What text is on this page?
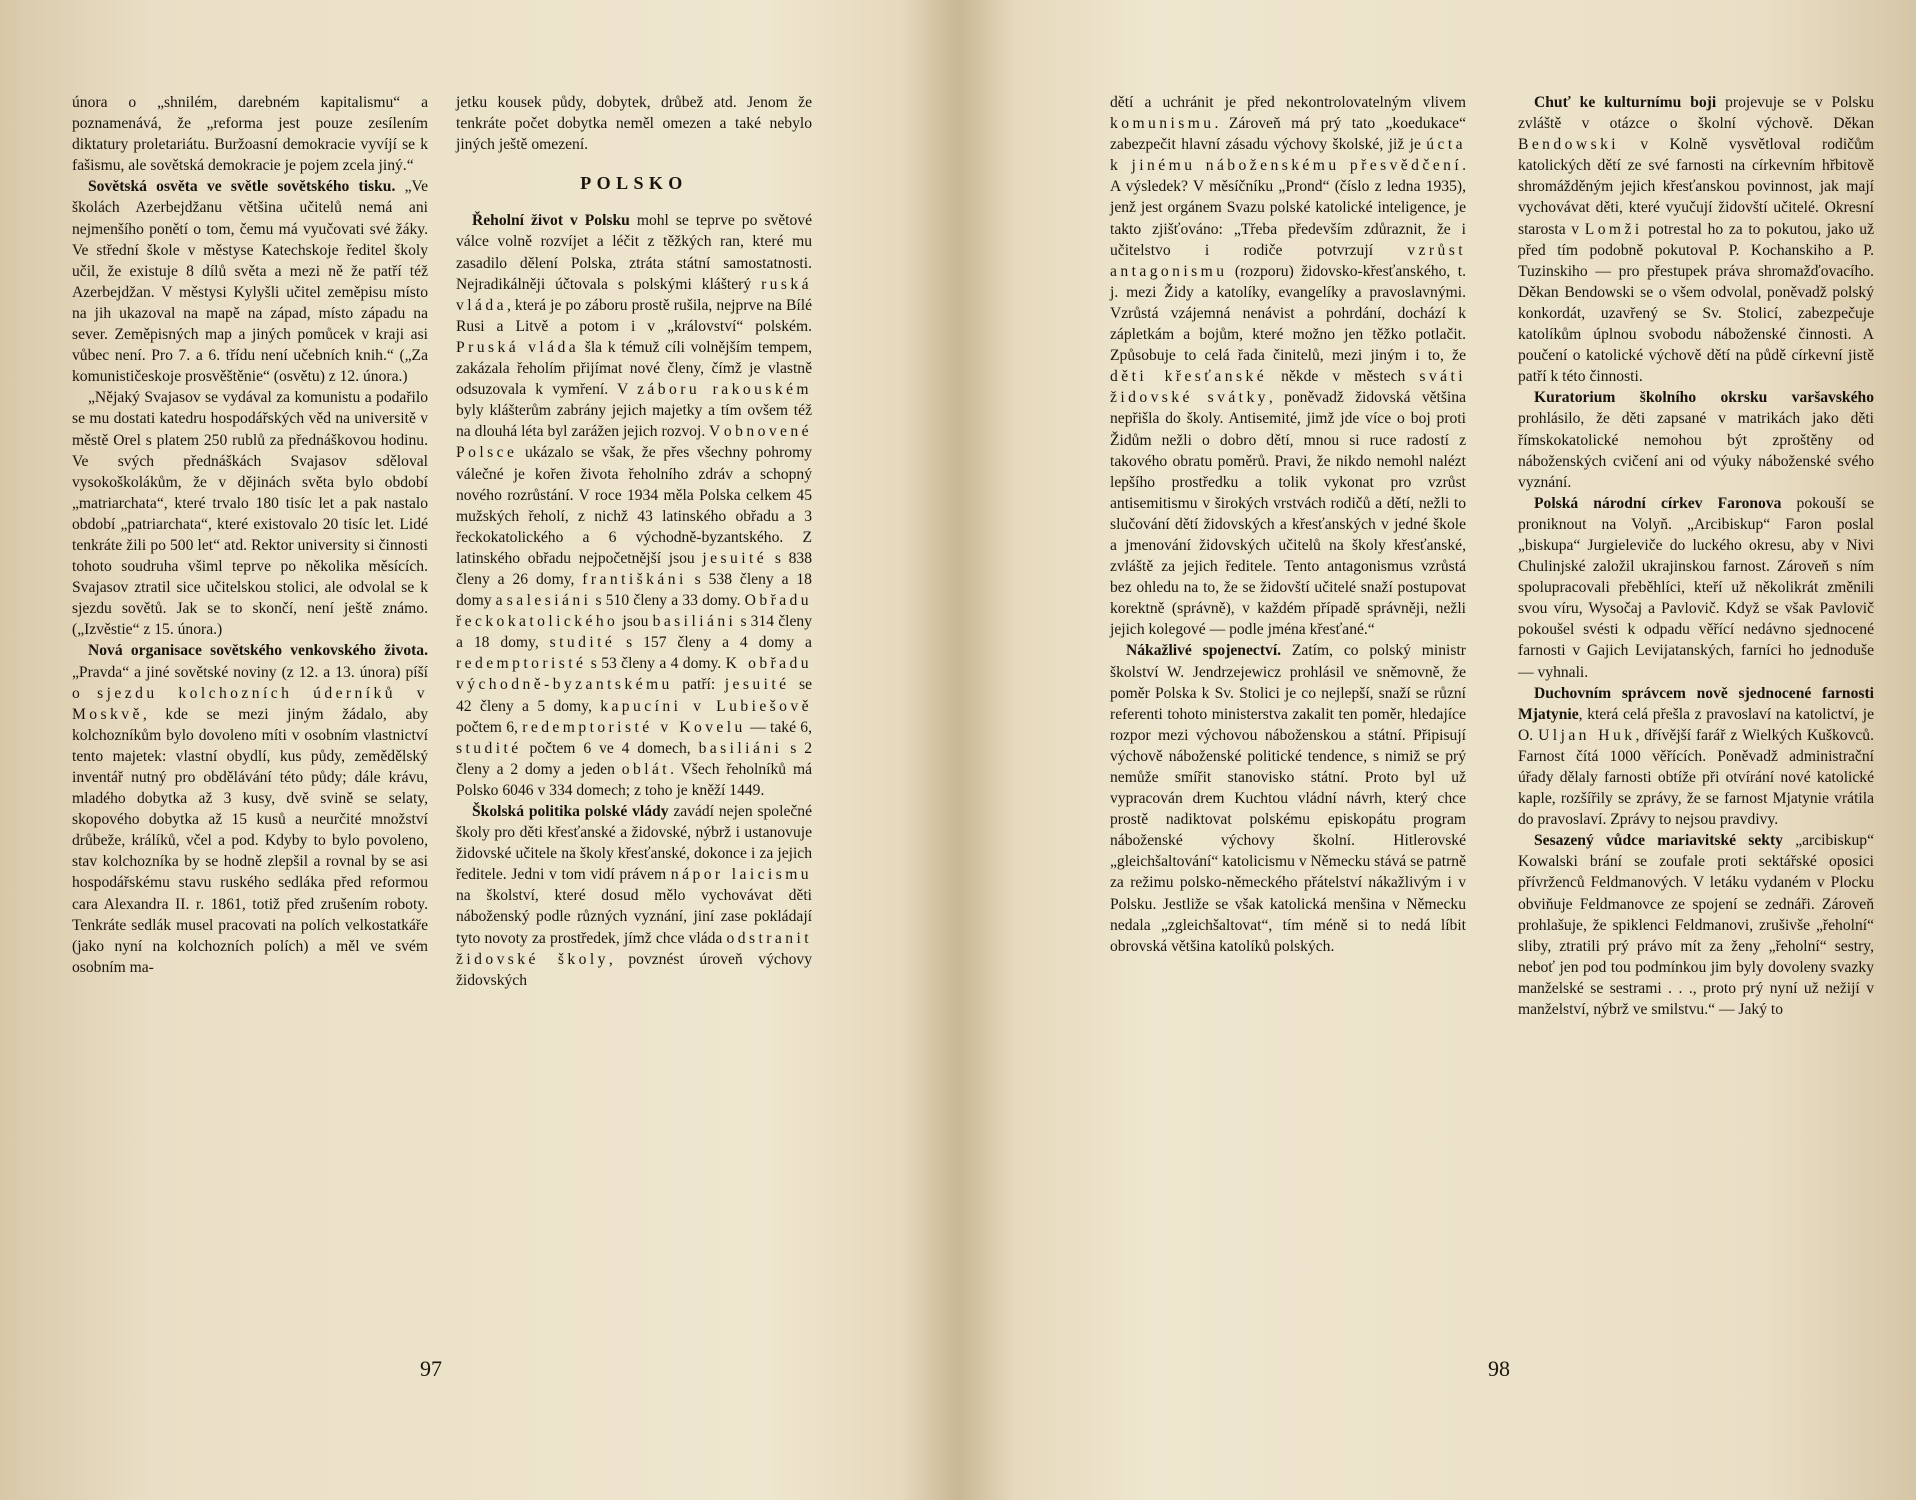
února o „shnilém, darebném kapitalismu“ a poznamenává, že „reforma jest pouze zesílením diktatury proletariátu. Buržoasní demokracie vyvíjí se k fašismu, ale sovětská demokracie je pojem zcela jiný.“

Sovětská osvěta ve světle sovětského tisku. „Ve školách Azerbejdžanu většina učitelů nemá ani nejmenšího ponětí o tom, čemu má vyučovati své žáky. Ve střední škole v městyse Katechskoje ředitel školy učil, že existuje 8 dílů světa a mezi ně že patří též Azerbejdžan. V městysi Kylyšli učitel zeměpisu místo na jih ukazoval na mapě na západ, místo západu na sever. Zeměpisných map a jiných pomůcek v kraji asi vůbec není. Pro 7. a 6. třídu není učebních knih.“ („Za komunističeskoje prosvěštěnie“ (osvětu) z 12. února.)

„Nějaký Svajasov se vydával za komunistu a podařilo se mu dostati katedru hospodářských věd na universitě v městě Orel s platem 250 rublů za přednáškovou hodinu. Ve svých přednáškách Svajasov sděloval vysokoškolákům, že v dějinách světa bylo období „matriarchata“, které trvalo 180 tisíc let a pak nastalo období „patriarchata“, které existovalo 20 tisíc let. Lidé tenkráte žili po 500 let“ atd. Rektor university si činnosti tohoto soudruha všiml teprve po několika měsících. Svajasov ztratil sice učitelskou stolici, ale odvolal se k sjezdu sovětů. Jak se to skončí, není ještě známo. („Izvěstie“ z 15. února.)

Nová organisace sovětského venkovského života. „Pravda“ a jiné sovětské noviny (z 12. a 13. února) píší o sjezdu kolchozních úderníků v Moskvě, kde se mezi jiným žádalo, aby kolchozníkům bylo dovoleno míti v osobním vlastnictví tento majetek: vlastní obydlí, kus půdy, zemědělský inventář nutný pro obdělávání této půdy; dále krávu, mladého dobytka až 3 kusy, dvě svině se selaty, skopového dobytka až 15 kusů a neurčité množství drůbeže, králíků, včel a pod. Kdyby to bylo povoleno, stav kolchozníka by se hodně zlepšil a rovnal by se asi hospodářskému stavu ruského sedláka před reformou cara Alexandra II. r. 1861, totiž před zrušením roboty. Tenkráte sedlák musel pracovati na polích velkostatkáře (jako nyní na kolchozních polích) a měl ve svém osobním ma-

jetku kousek půdy, dobytek, drůbež atd. Jenom že tenkráte počet dobytka neměl omezen a také nebylo jiných ještě omezení.

POLSKO

Řeholní život v Polsku mohl se teprve po světové válce volně rozvíjet a léčit z těžkých ran, které mu zasadilo dělení Polska, ztráta státní samostatnosti. Nejradikálněji účtovala s polskými klášterý ruská vláda, která je po záboru prostě rušila, nejprve na Bílé Rusi a Litvě a potom i v „království“ polském. Pruská vláda šla k témuž cíli volnějším tempem, zakázala řeholím přijímat nové členy, čímž je vlastně odsuzovala k vymření. V záboru rakouském byly klášterům zabrány jejich majetky a tím ovšem též na dlouhá léta byl zarážen jejich rozvoj. V obnovené Polsce ukázalo se však, že přes všechny pohromy válečné je kořen života řeholního zdráv a schopný nového rozrůstání. V roce 1934 měla Polska celkem 45 mužských řeholí, z nichž 43 latinského obřadu a 3 řeckokatolického a 6 východně-byzantského. Z latinského obřadu nejpočetnější jsou jesuité s 838 členy a 26 domy, františkáni s 538 členy a 18 domy a salesiáni s 510 členy a 33 domy. Obřadu řeckokatolického jsou basiliáni s 314 členy a 18 domy, studité s 157 členy a 4 domy a redemptoristé s 53 členy a 4 domy. K obřadu východně-byzantskému patří: jesuité se 42 členy a 5 domy, kapucíni v Lubiešově počtem 6, redemptoristé v Kovelu — také 6, studité počtem 6 ve 4 domech, basiliáni s 2 členy a 2 domy a jeden oblát. Všech řeholníků má Polsko 6046 v 334 domech; z toho je kněží 1449.

Školská politika polské vlády zavádí nejen společné školy pro děti křesťanské a židovské, nýbrž i ustanovuje židovské učitele na školy křesťanské, dokonce i za jejich ředitele. Jedni v tom vidí právem nápor laicismu na školství, které dosud mělo vychovávat děti náboženský podle různých vyznání, jiní zase pokládají tyto novoty za prostředek, jímž chce vláda odstranit židovské školy, povznést úroveň výchovy židovských

97

dětí a uchránit je před nekontrolovatelným vlivem komunismu. Zároveň má prý tato „koedukace“ zabezpečit hlavní zásadu výchovy školské, již je úcta k jinému náboženskému přesvědčení. A výsledek? V měsíčníku „Prond“ (číslo z ledna 1935), jenž jest orgánem Svazu polské katolické inteligence, je takto zjišťováno: „Třeba především zdůraznit, že i učitelstvo i rodiče potvrzují vzrůst antagonismu (rozporu) židovsko-křesťanského, t. j. mezi Židy a katolíky, evangelíky a pravoslavnými. Vzrůstá vzájemná nenávist a pohrdání, dochází k zápletkám a bojům, které možno jen těžko potlačit. Způsobuje to celá řada činitelů, mezi jiným i to, že děti křesťanské někde v městech sváti židovské svátky, poněvadž židovská většina nepřišla do školy. Antisemité, jimž jde více o boj proti Židům nežli o dobro dětí, mnou si ruce radostí z takového obratu poměrů. Pravi, že nikdo nemohl nalézt lepšího prostředku a tolik vykonat pro vzrůst antisemitismu v širokých vrstvách rodičů a dětí, nežli to slučování dětí židovských a křesťanských v jedné škole a jmenování židovských učitelů na školy křesťanské, zvláště za jejich ředitele. Tento antagonismus vzrůstá bez ohledu na to, že se židovští učitelé snaží postupovat korektně (správně), v každém případě správněji, nežli jejich kolegové — podle jména křesťané.“

Nákažlivé spojenectví. Zatím, co polský ministr školství W. Jendrzejewicz prohlásil ve sněmovně, že poměr Polska k Sv. Stolici je co nejlepší, snaží se různí referenti tohoto ministerstva zakalit ten poměr, hledajíce rozpor mezi výchovou náboženskou a státní. Připisují výchově náboženské politické tendence, s nimiž se prý nemůže smířit stanovisko státní. Proto byl už vypracován drem Kuchtou vládní návrh, který chce prostě nadiktovat polskému episkopátu program náboženské výchovy školní. Hitlerovské „gleichšaltování“ katolicismu v Německu stává se patrně za režimu polsko-německého přátelství nákažlivým i v Polsku. Jestliže se však katolická menšina v Německu nedala „zgleichšaltovat“, tím méně si to nedá líbit obrovská většina katolíků polských.

Chuť ke kulturnímu boji projevuje se v Polsku zvláště v otázce o školní výchově. Děkan Bendowski v Kolně vysvětloval rodičům katolických dětí ze své farnosti na církevním hřbitově shromážděným jejich křesťanskou povinnost, jak mají vychovávat děti, které vyučují židovští učitelé. Okresní starosta v Lomži potrestal ho za to pokutou, jako už před tím podobně pokutoval P. Kochanskiho a P. Tuzinskiho — pro přestupek práva shromažďovacího. Děkan Bendowski se o všem odvolal, poněvadž polský konkordát, uzavřený se Sv. Stolicí, zabezpečuje katolíkům úplnou svobodu náboženské činnosti. A poučení o katolické výchově dětí na půdě církevní jistě patří k této činnosti.

Kuratorium školního okrsku varšavského prohlásilo, že děti zapsané v matrikách jako děti římskokatolické nemohou být zproštěny od náboženských cvičení ani od výuky náboženské svého vyznání.

Polská národní církev Faronova pokouší se proniknout na Volyň. „Arcibiskup“ Faron poslal „biskupa“ Jurgieleviče do luckého okresu, aby v Nivi Chulinjské založil ukrajinskou farnost. Zároveň s ním spolupracovali přeběhlíci, kteří už několikrát změnili svou víru, Wysočaj a Pavlovič. Když se však Pavlovič pokoušel svésti k odpadu věřící nedávno sjednocené farnosti v Gajich Levijatanských, farníci ho jednoduše — vyhnali.

Duchovním správcem nově sjednocené farnosti Mjatynie, která celá přešla z pravoslaví na katolictví, je O. Uljan Huk, dřívější farář z Wielkých Kuškovců. Farnost čítá 1000 věřících. Poněvadž administrační úřady dělaly farnosti obtíže při otvírání nové katolické kaple, rozšířily se zprávy, že se farnost Mjatynie vrátila do pravoslaví. Zprávy to nejsou pravdivy.

Sesazený vůdce mariavitské sekty „arcibiskup“ Kowalski brání se zoufale proti sektářské oposici přívrženců Feldmanových. V letáku vydaném v Plocku obviňuje Feldmanovce ze spojení se zednáři. Zároveň prohlašuje, že spiklenci Feldmanovi, zrušivše „řeholní“ sliby, ztratili prý právo mít za ženy „řeholní“ sestry, neboť jen pod tou podmínkou jim byly dovoleny svazky manželské se sestrami . . ., proto prý nyní už nežijí v manželství, nýbrž ve smilstvu.“ — Jaký to

98
